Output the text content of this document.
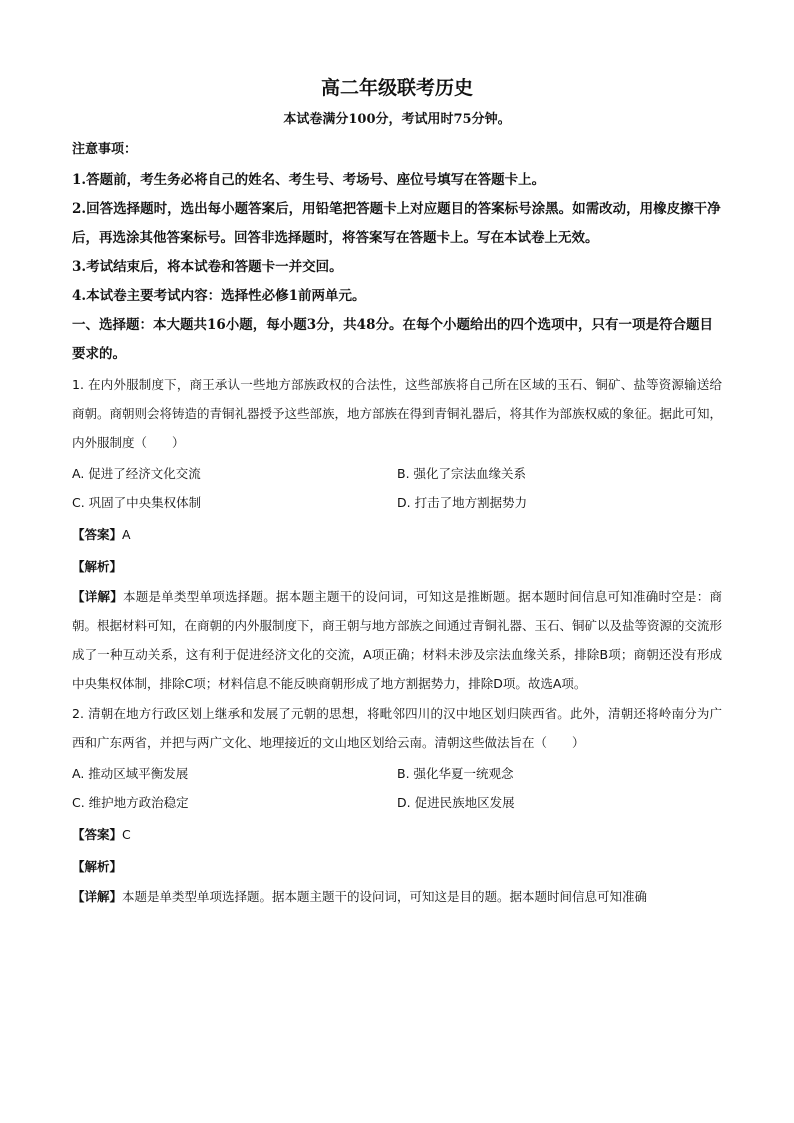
高二年级联考历史
本试卷满分100分，考试用时75分钟。
注意事项：
1.答题前，考生务必将自己的姓名、考生号、考场号、座位号填写在答题卡上。
2.回答选择题时，选出每小题答案后，用铅笔把答题卡上对应题目的答案标号涂黑。如需改动，用橡皮擦干净后，再选涂其他答案标号。回答非选择题时，将答案写在答题卡上。写在本试卷上无效。
3.考试结束后，将本试卷和答题卡一并交回。
4.本试卷主要考试内容：选择性必修1前两单元。
一、选择题：本大题共16小题，每小题3分，共48分。在每个小题给出的四个选项中，只有一项是符合题目要求的。
1. 在内外服制度下，商王承认一些地方部族政权的合法性，这些部族将自己所在区域的玉石、铜矿、盐等资源输送给商朝。商朝则会将铸造的青铜礼器授予这些部族，地方部族在得到青铜礼器后，将其作为部族权威的象征。据此可知，内外服制度（　　）
A. 促进了经济文化交流	B. 强化了宗法血缘关系
C. 巩固了中央集权体制	D. 打击了地方割据势力
【答案】A
【解析】
【详解】本题是单类型单项选择题。据本题主题干的设问词，可知这是推断题。据本题时间信息可知准确时空是：商朝。根据材料可知，在商朝的内外服制度下，商王朝与地方部族之间通过青铜礼器、玉石、铜矿以及盐等资源的交流形成了一种互动关系，这有利于促进经济文化的交流，A项正确；材料未涉及宗法血缘关系，排除B项；商朝还没有形成中央集权体制，排除C项；材料信息不能反映商朝形成了地方割据势力，排除D项。故选A项。
2. 清朝在地方行政区划上继承和发展了元朝的思想，将毗邻四川的汉中地区划归陕西省。此外，清朝还将岭南分为广西和广东两省，并把与两广文化、地理接近的文山地区划给云南。清朝这些做法旨在（　　）
A. 推动区域平衡发展	B. 强化华夏一统观念
C. 维护地方政治稳定	D. 促进民族地区发展
【答案】C
【解析】
【详解】本题是单类型单项选择题。据本题主题干的设问词，可知这是目的题。据本题时间信息可知准确
